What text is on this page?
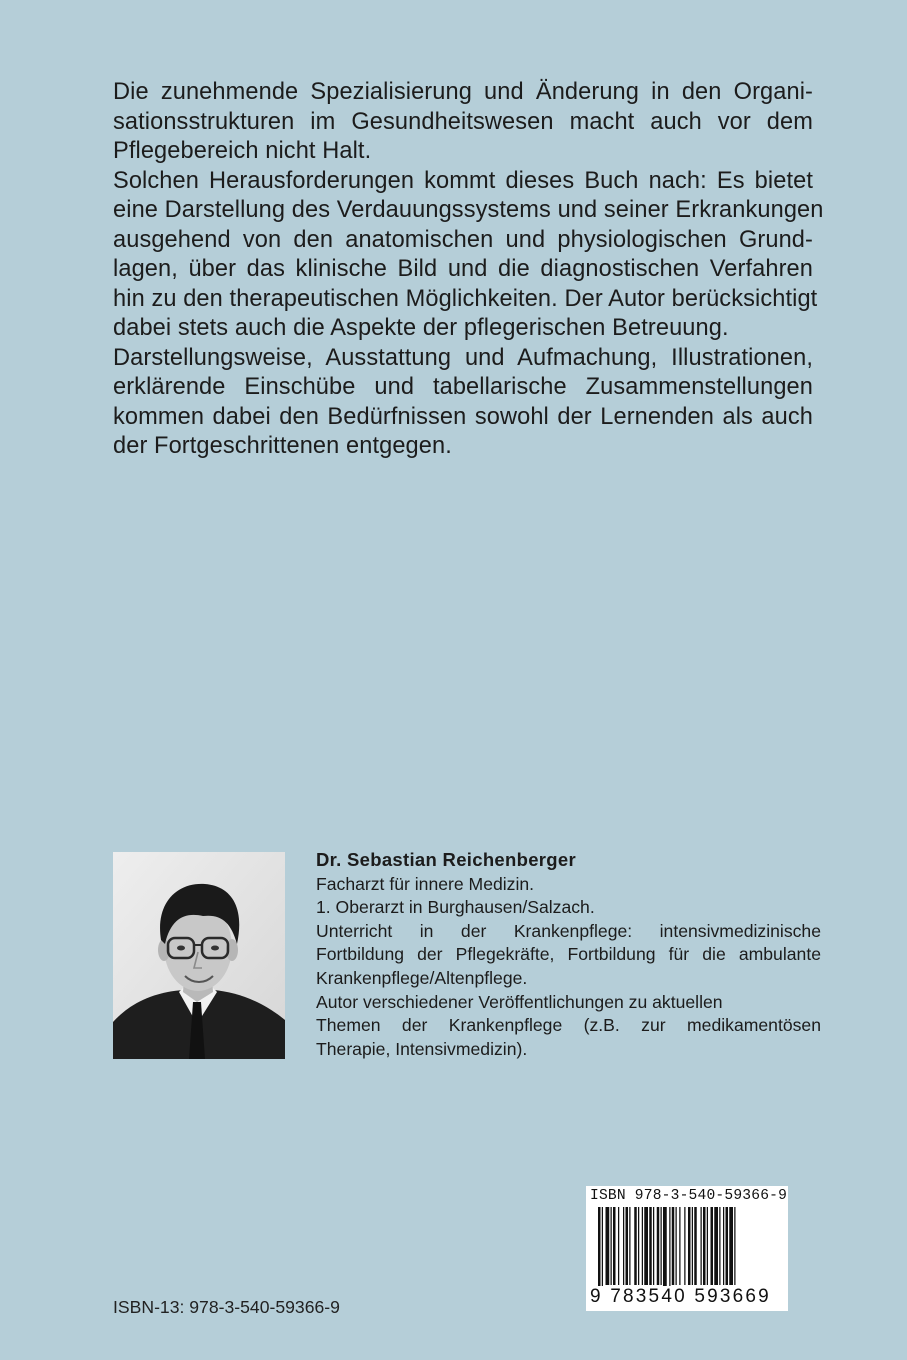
Die zunehmende Spezialisierung und Änderung in den Organi-
sationsstrukturen im Gesundheitswesen macht auch vor dem
Pflegebereich nicht Halt.
Solchen Herausforderungen kommt dieses Buch nach: Es bietet
eine Darstellung des Verdauungssystems und seiner Erkrankungen
ausgehend von den anatomischen und physiologischen Grund-
lagen, über das klinische Bild und die diagnostischen Verfahren
hin zu den therapeutischen Möglichkeiten. Der Autor berücksichtigt
dabei stets auch die Aspekte der pflegerischen Betreuung.
Darstellungsweise, Ausstattung und Aufmachung, Illustrationen,
erklärende Einschübe und tabellarische Zusammenstellungen
kommen dabei den Bedürfnissen sowohl der Lernenden als auch
der Fortgeschrittenen entgegen.
Dr. Sebastian Reichenberger
Facharzt für innere Medizin.
1. Oberarzt in Burghausen/Salzach.
Unterricht in der Krankenpflege: intensivmedizinische
Fortbildung der Pflegekräfte, Fortbildung für die ambulante
Krankenpflege/Altenpflege.
Autor verschiedener Veröffentlichungen zu aktuellen
Themen der Krankenpflege (z.B. zur medikamentösen
Therapie, Intensivmedizin).
ISBN 978-3-540-59366-9
9 783540 593669
ISBN-13: 978-3-540-59366-9
